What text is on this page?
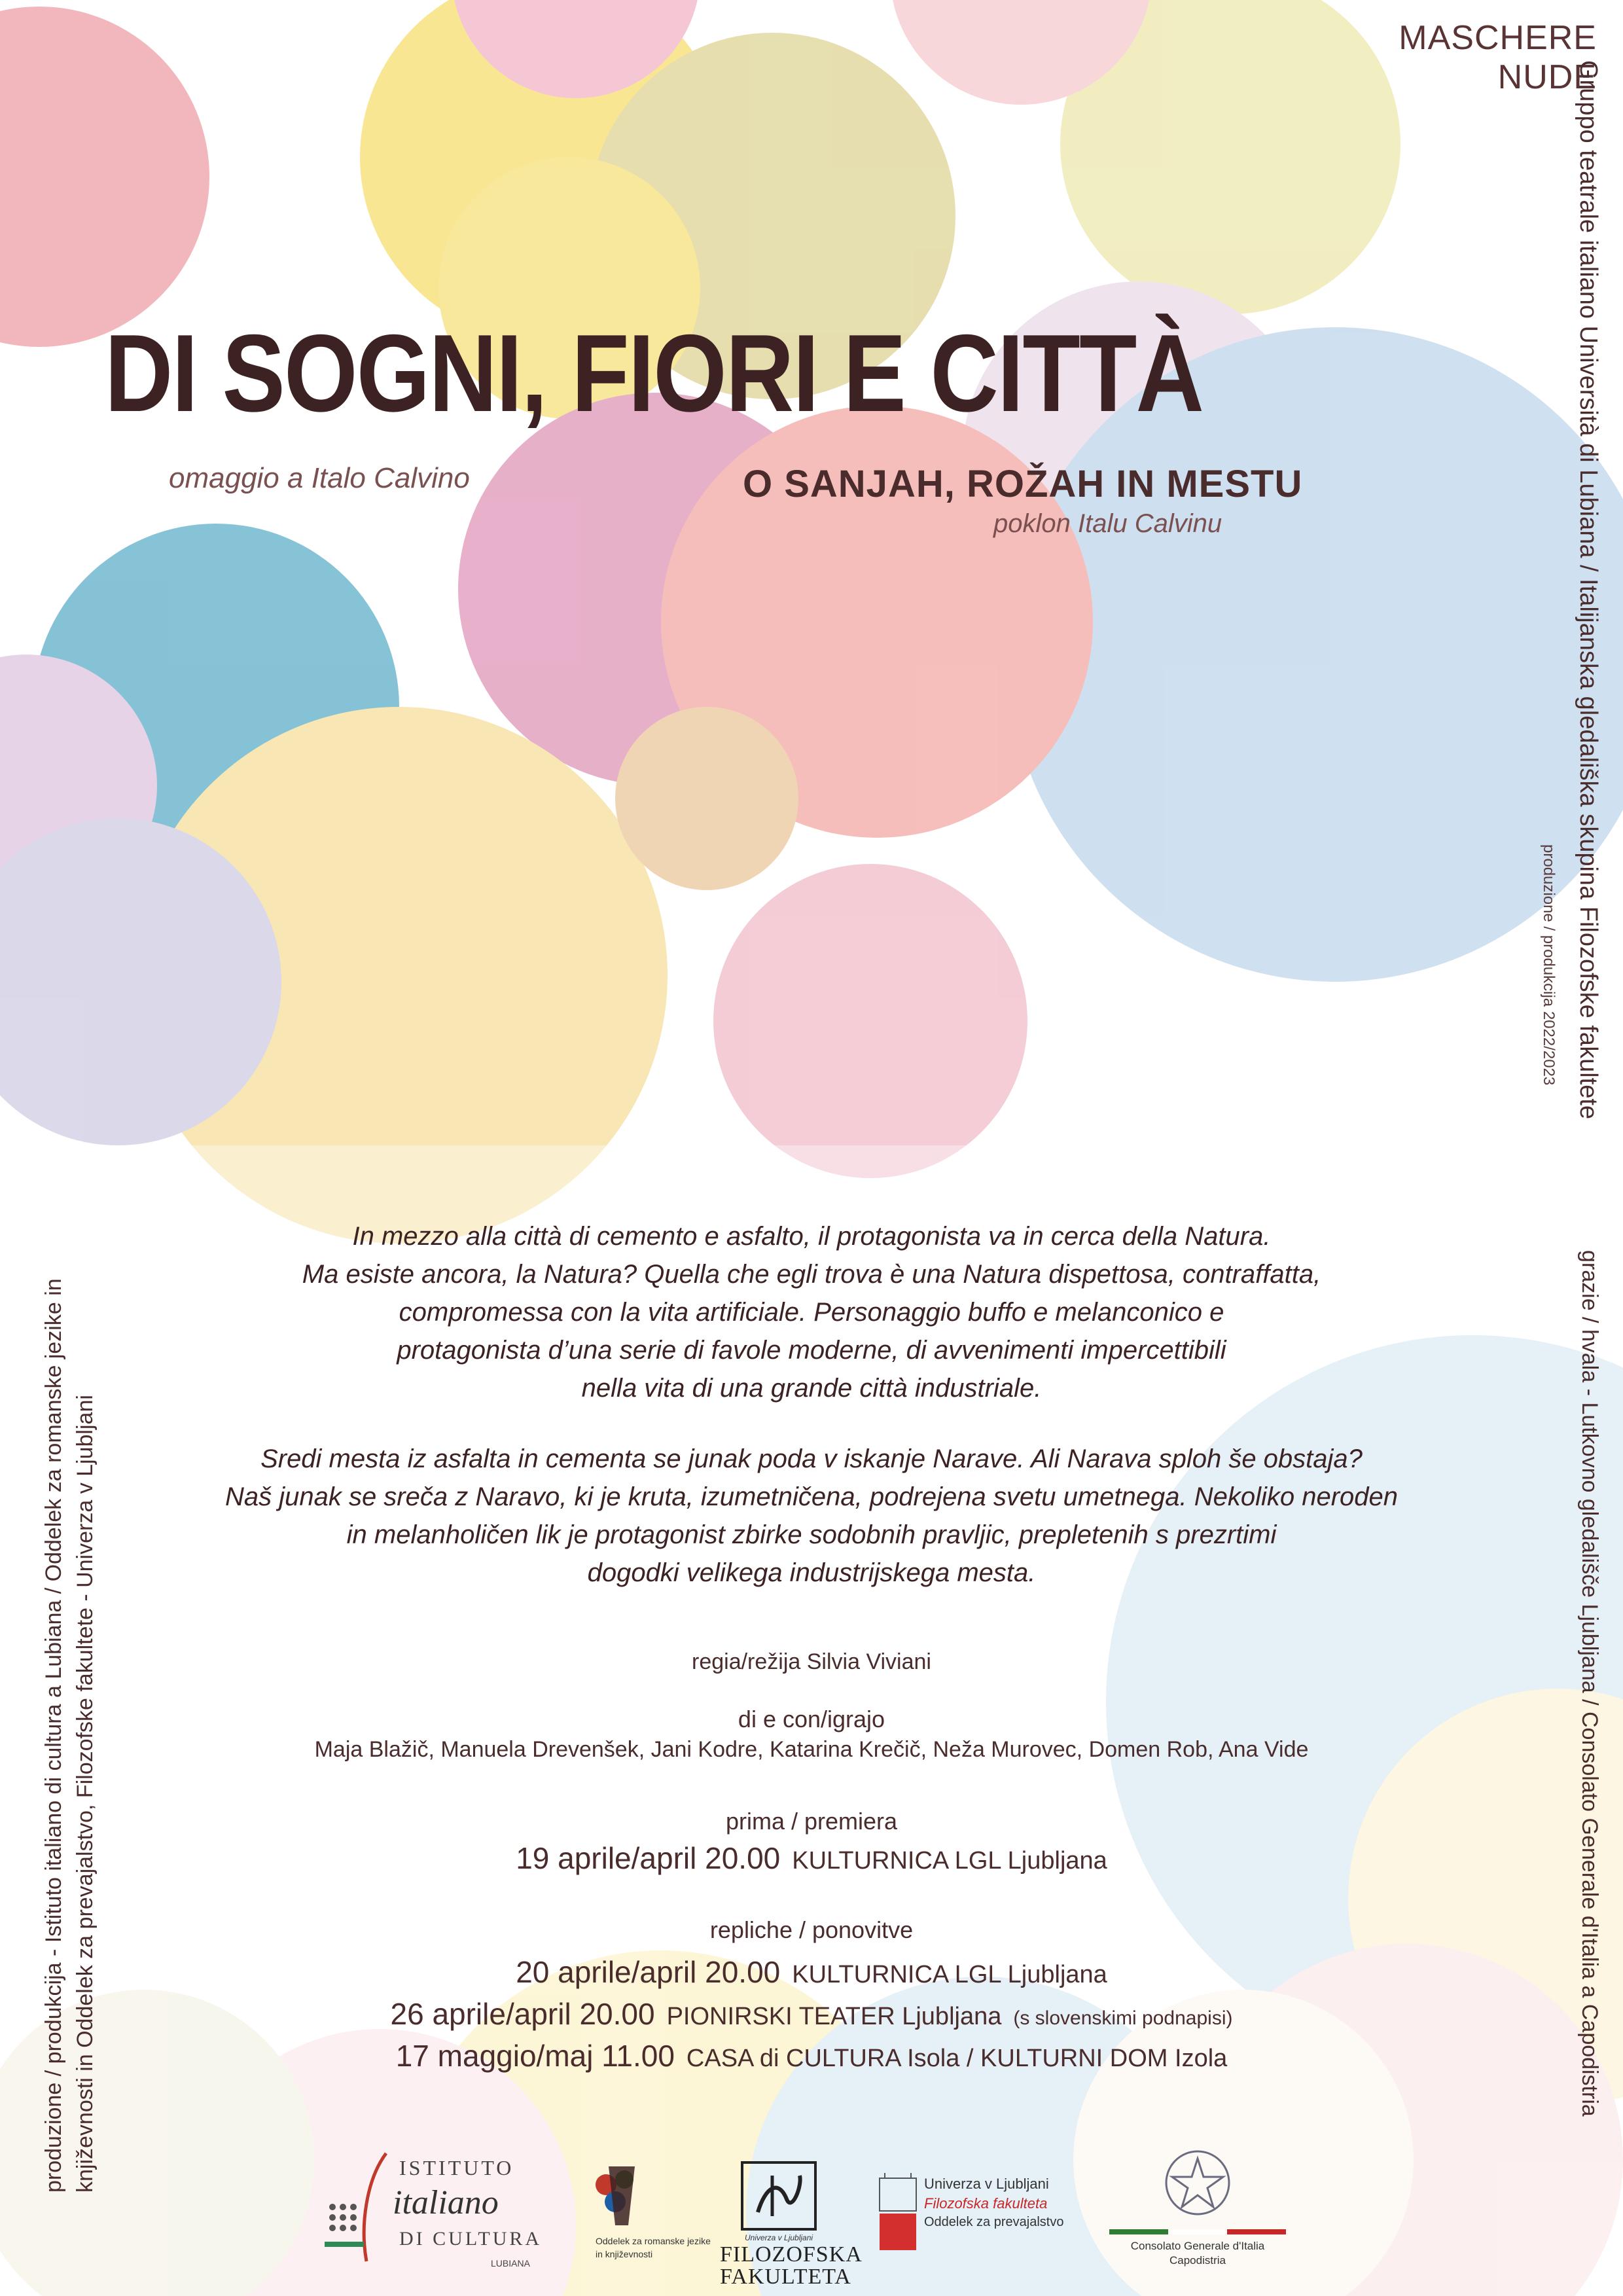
MASCHERE NUDE
DI SOGNI, FIORI E CITTÀ
omaggio a Italo Calvino	O SANJAH, ROŽAH IN MESTU
poklon Italu Calvinu	Gruppo teatrale italiano Università di Lubiana / Italijanska gledališka skupina Filozofske fakultete
produzione / produkcija 2022/2023
grazie / hvala - Lutkovno gledališče Ljubljana / Consolato Generale d'Italia a Capodistria
produzione / produkcija - Istituto italiano di cultura a Lubiana / Oddelek za romanske jezike in književnosti in Oddelek za prevajalstvo, Filozofske fakultete - Univerza v Ljubljani
In mezzo alla città di cemento e asfalto, il protagonista va in cerca della Natura.
Ma esiste ancora, la Natura? Quella che egli trova è una Natura dispettosa, contraffatta,
compromessa con la vita artificiale. Personaggio buffo e melanconico e
protagonista d’una serie di favole moderne, di avvenimenti impercettibili
nella vita di una grande città industriale.
Sredi mesta iz asfalta in cementa se junak poda v iskanje Narave. Ali Narava sploh še obstaja?
Naš junak se sreča z Naravo, ki je kruta, izumetničena, podrejena svetu umetnega. Nekoliko neroden
in melanholičen lik je protagonist zbirke sodobnih pravljic, prepletenih s prezrtimi
dogodki velikega industrijskega mesta.
regia/režija Silvia Viviani
di e con/igrajo
Maja Blažič, Manuela Drevenšek, Jani Kodre, Katarina Krečič, Neža Murovec, Domen Rob, Ana Vide
prima / premiera
19 aprile/april 20.00 KULTURNICA LGL Ljubljana
repliche / ponovitve
20 aprile/april 20.00 KULTURNICA LGL Ljubljana
26 aprile/april 20.00 PIONIRSKI TEATER Ljubljana (s slovenskimi podnapisi)
17 maggio/maj 11.00 CASA di CULTURA Isola / KULTURNI DOM Izola
ISTITUTO
italiano
DI CULTURA
LUBIANA
Oddelek za romanske jezike
in književnosti
Univerza v Ljubljani
FILOZOFSKA
FAKULTETA
Univerza v Ljubljani
Filozofska fakulteta
Oddelek za prevajalstvo
Consolato Generale d'Italia
Capodistria
